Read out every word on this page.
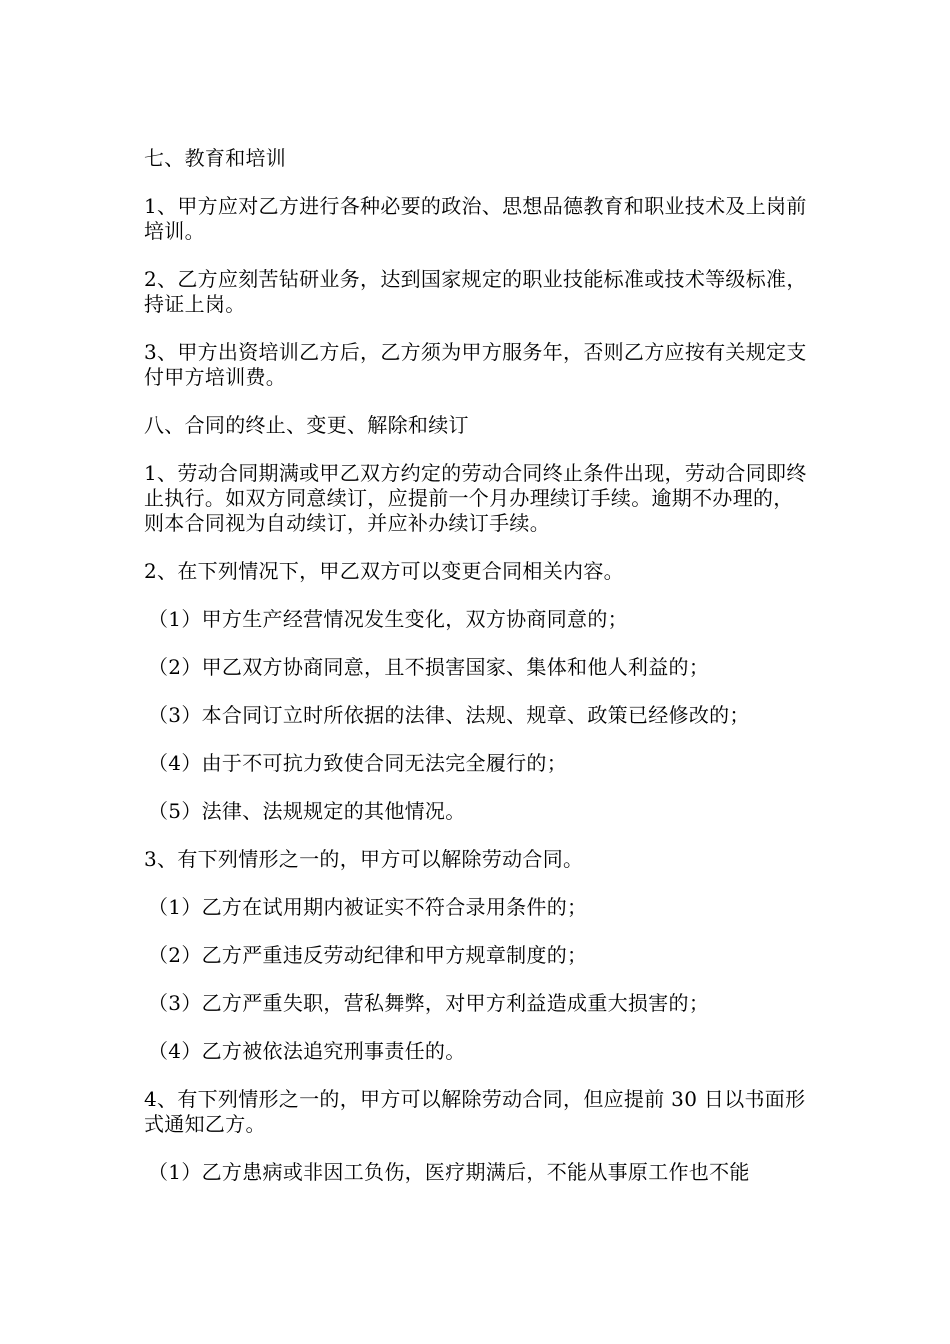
七、教育和培训

1、甲方应对乙方进行各种必要的政治、思想品德教育和职业技术及上岗前培训。

2、乙方应刻苦钻研业务，达到国家规定的职业技能标准或技术等级标准，持证上岗。

3、甲方出资培训乙方后，乙方须为甲方服务年，否则乙方应按有关规定支付甲方培训费。

八、合同的终止、变更、解除和续订

1、劳动合同期满或甲乙双方约定的劳动合同终止条件出现，劳动合同即终止执行。如双方同意续订，应提前一个月办理续订手续。逾期不办理的，则本合同视为自动续订，并应补办续订手续。

2、在下列情况下，甲乙双方可以变更合同相关内容。

（1）甲方生产经营情况发生变化，双方协商同意的；

（2）甲乙双方协商同意，且不损害国家、集体和他人利益的；

（3）本合同订立时所依据的法律、法规、规章、政策已经修改的；

（4）由于不可抗力致使合同无法完全履行的；

（5）法律、法规规定的其他情况。

3、有下列情形之一的，甲方可以解除劳动合同。

（1）乙方在试用期内被证实不符合录用条件的；

（2）乙方严重违反劳动纪律和甲方规章制度的；

（3）乙方严重失职，营私舞弊，对甲方利益造成重大损害的；

（4）乙方被依法追究刑事责任的。

4、有下列情形之一的，甲方可以解除劳动合同，但应提前 30 日以书面形式通知乙方。

（1）乙方患病或非因工负伤，医疗期满后，不能从事原工作也不能
